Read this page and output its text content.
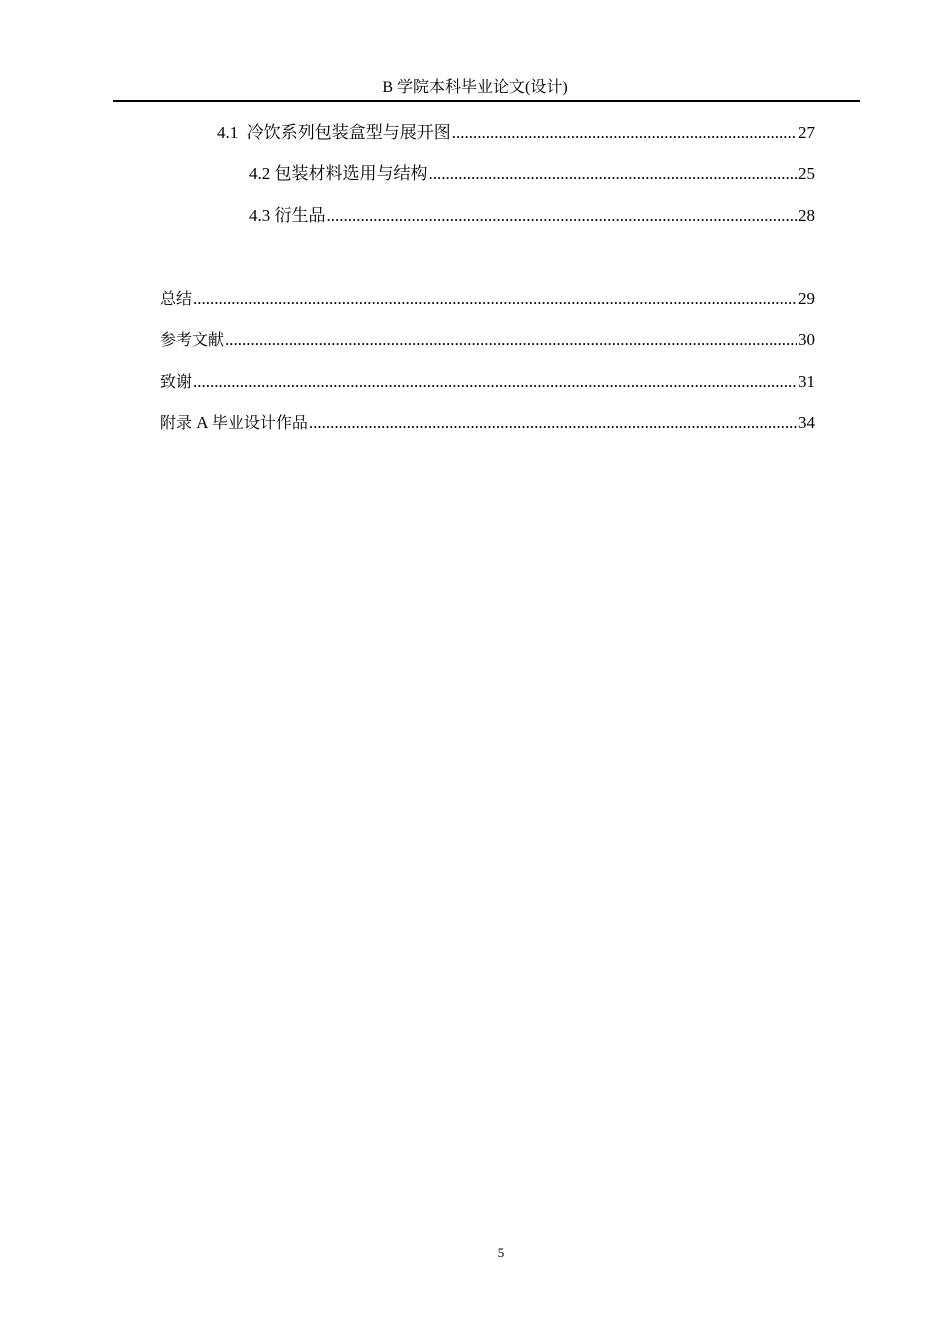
B 学院本科毕业论文(设计)
4.1  冷饮系列包装盒型与展开图 .....	27
4.2 包装材料选用与结构 .....	25
4.3 衍生品 .....	28
总结 .....	29
参考文献 .....	30
致谢 .....	31
附录 A 毕业设计作品 .....	34
5
